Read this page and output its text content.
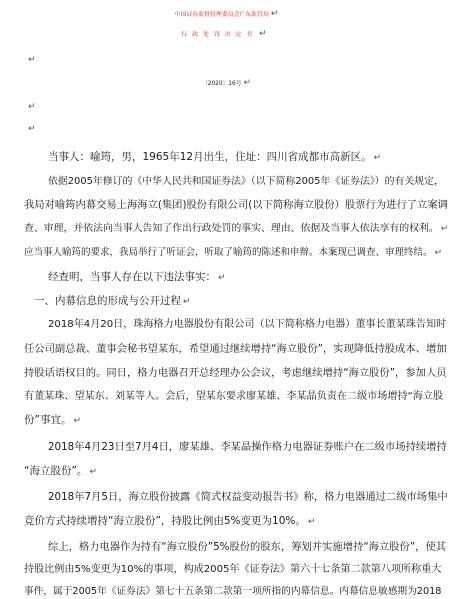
中国证券监督管理委员会广东监管局 ↵
行政处罚决定书 ↵
↵
〔2020〕16号 ↵
↵
↵
当事人：喻筠，男，1965年12月出生，住址：四川省成都市高新区。 ↵
依据2005年修订的《中华人民共和国证券法》（以下简称2005年《证券法》）的有关规定，
我局对喻筠内幕交易上海海立(集团)股份有限公司(以下简称海立股份）股票行为进行了立案调
查、审理，并依法向当事人告知了作出行政处罚的事实、理由、依据及当事人依法享有的权利。 ↵
应当事人喻筠的要求，我局举行了听证会，听取了喻筠的陈述和申辩。本案现已调查、审理终结。 ↵
经查明，当事人存在以下违法事实： ↵
一、内幕信息的形成与公开过程 ↵
2018年4月20日，珠海格力电器股份有限公司（以下简称格力电器）董事长董某珠告知时
任公司副总裁、董事会秘书望某东，希望通过继续增持“海立股份”，实现降低持股成本、增加
持股话语权目的。同日，格力电器召开总经理办公会议，考虑继续增持“海立股份”，参加人员
有董某珠、望某东、刘某等人。会后，望某东要求廖某雄、李某晶负责在二级市场增持“海立股
份”事宜。 ↵
2018年4月23日至7月4日，廖某雄、李某晶操作格力电器证券账户在二级市场持续增持
“海立股份”。 ↵
2018年7月5日，海立股份披露《简式权益变动报告书》称，格力电器通过二级市场集中
竞价方式持续增持“海立股份”，持股比例由5%变更为10%。 ↵
综上，格力电器作为持有“海立股份”5%股份的股东，筹划并实施增持“海立股份”，使其
持股比例由5%变更为10%的事项，构成2005年《证券法》第六十七条第二款第八项所称重大
事件，属于2005年《证券法》第七十五条第二款第一项所指的内幕信息。内幕信息敏感期为2018
